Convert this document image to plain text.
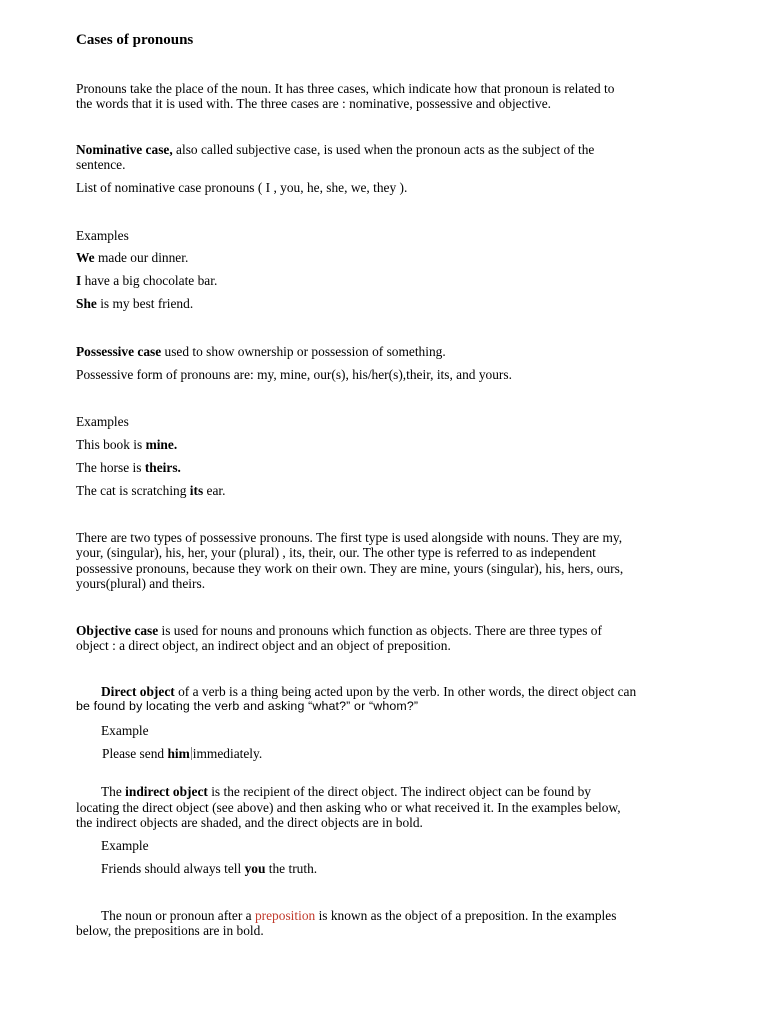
Cases of pronouns
Pronouns take the place of the noun. It has three cases, which indicate how that pronoun is related to
the words that it is used with. The three cases are : nominative, possessive and objective.
Nominative case, also called subjective case, is used when the pronoun acts as the subject of the
sentence.
List of nominative case pronouns ( I , you, he, she, we, they ).
Examples
We made our dinner.
I have a big chocolate bar.
She is my best friend.
Possessive case used to show ownership or possession of something.
Possessive form of pronouns are: my, mine, our(s), his/her(s),their, its, and yours.
Examples
This book is mine.
The horse is theirs.
The cat is scratching its ear.
There are two types of possessive pronouns. The first type is used alongside with nouns. They are my,
your, (singular), his, her, your (plural) , its, their, our. The other type is referred to as independent
possessive pronouns, because they work on their own. They are mine, yours (singular), his, hers, ours,
yours(plural) and theirs.
Objective case is used for nouns and pronouns which function as objects. There are three types of
object : a direct object, an indirect object and an object of preposition.
Direct object of a verb is a thing being acted upon by the verb. In other words, the direct object can
be found by locating the verb and asking “what?” or “whom?”
Example
Please send him immediately.
The indirect object is the recipient of the direct object. The indirect object can be found by
locating the direct object (see above) and then asking who or what received it. In the examples below,
the indirect objects are shaded, and the direct objects are in bold.
Example
Friends should always tell you the truth.
The noun or pronoun after a preposition is known as the object of a preposition. In the examples
below, the prepositions are in bold.
